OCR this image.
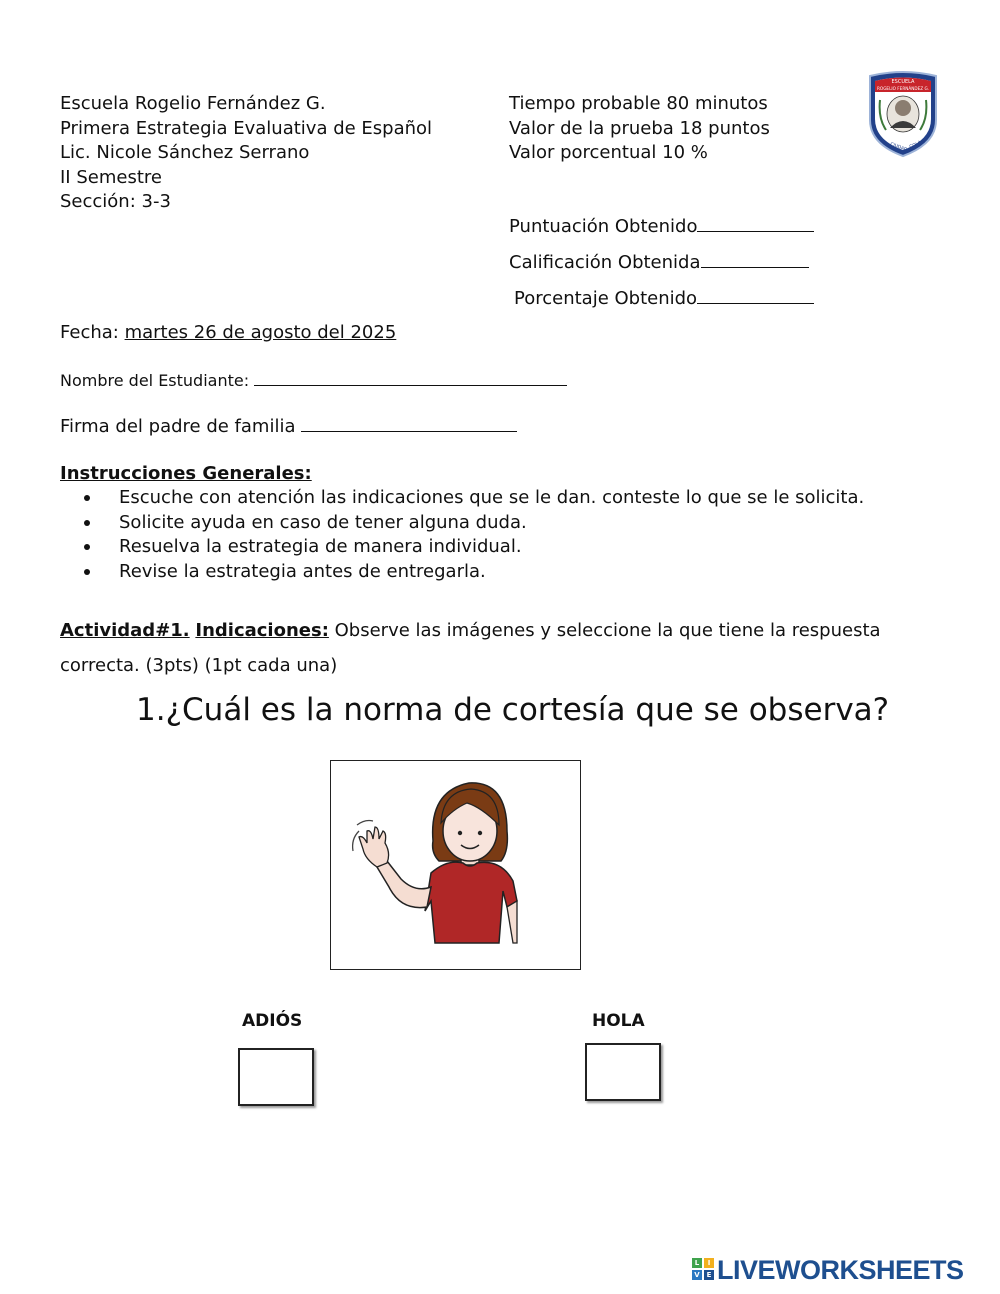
Escuela Rogelio Fernández G.
Primera Estrategia Evaluativa de Español
Lic. Nicole Sánchez Serrano
II Semestre
Sección: 3-3
Tiempo probable 80 minutos
Valor de la prueba 18 puntos
Valor porcentual 10 %
Puntuación Obtenido
Calificación Obtenida
Porcentaje Obtenido
ESCUELA
ROGELIO FERNÁNDEZ G.
CIUDAD COLÓN
Fecha: martes 26 de agosto del 2025
Nombre del Estudiante:
Firma del padre de familia
Instrucciones Generales:
Escuche con atención las indicaciones que se le dan. conteste lo que se le solicita.
Solicite ayuda en caso de tener alguna duda.
Resuelva la estrategia de manera individual.
Revise la estrategia antes de entregarla.
Actividad#1. Indicaciones: Observe las imágenes y seleccione la que tiene la respuesta
correcta. (3pts) (1pt cada una)
1.¿Cuál es la norma de cortesía que se observa?
ADIÓS	HOLA
L	I
V E LIVEWORKSHEETS
